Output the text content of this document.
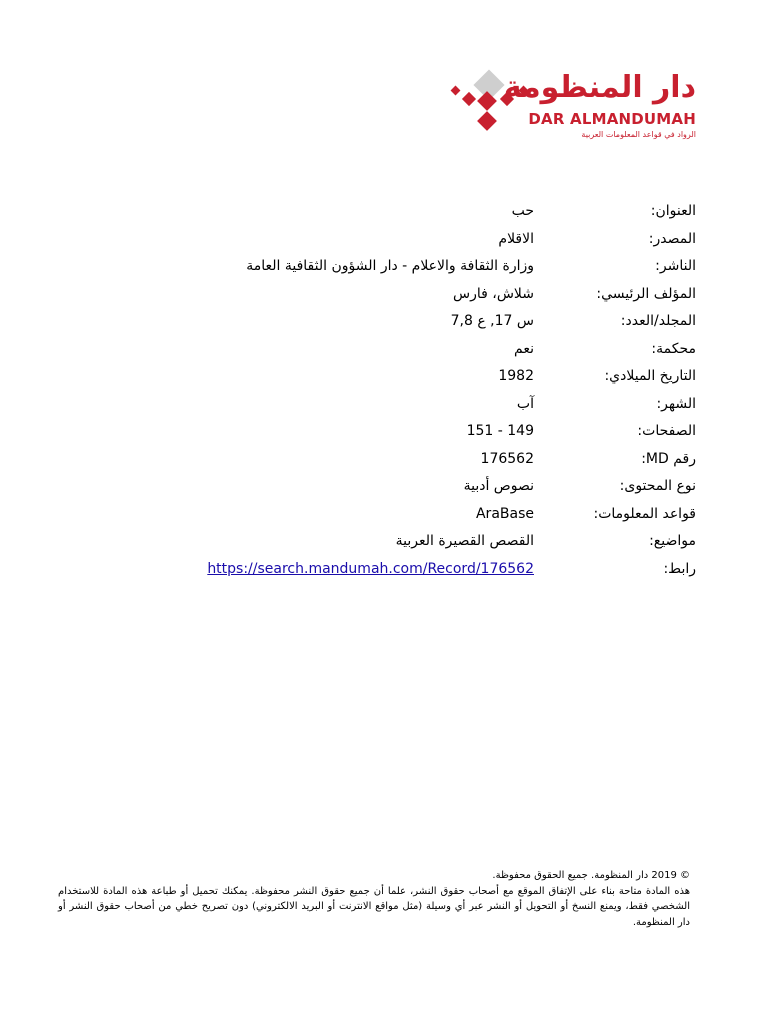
دار المنظومة
DAR ALMANDUMAH
الرواد في قواعد المعلومات العربية
العنوان:
حب
المصدر:
الاقلام
الناشر:
وزارة الثقافة والاعلام - دار الشؤون الثقافية العامة
المؤلف الرئيسي:
شلاش، فارس
المجلد/العدد:
س 17, ع 7,8
محكمة:
نعم
التاريخ الميلادي:
1982
الشهر:
آب
الصفحات:
149 - 151
رقم MD:
176562
نوع المحتوى:
نصوص أدبية
قواعد المعلومات:
AraBase
مواضيع:
القصص القصيرة العربية
رابط:
https://search.mandumah.com/Record/176562
© 2019 دار المنظومة. جميع الحقوق محفوظة.
هذه المادة متاحة بناء على الإتفاق الموقع مع أصحاب حقوق النشر، علما أن جميع حقوق النشر محفوظة. يمكنك تحميل أو طباعة هذه المادة للاستخدام الشخصي فقط، ويمنع النسخ أو التحويل أو النشر عبر أي وسيلة (مثل مواقع الانترنت أو البريد الالكتروني) دون تصريح خطي من أصحاب حقوق النشر أو دار المنظومة.
